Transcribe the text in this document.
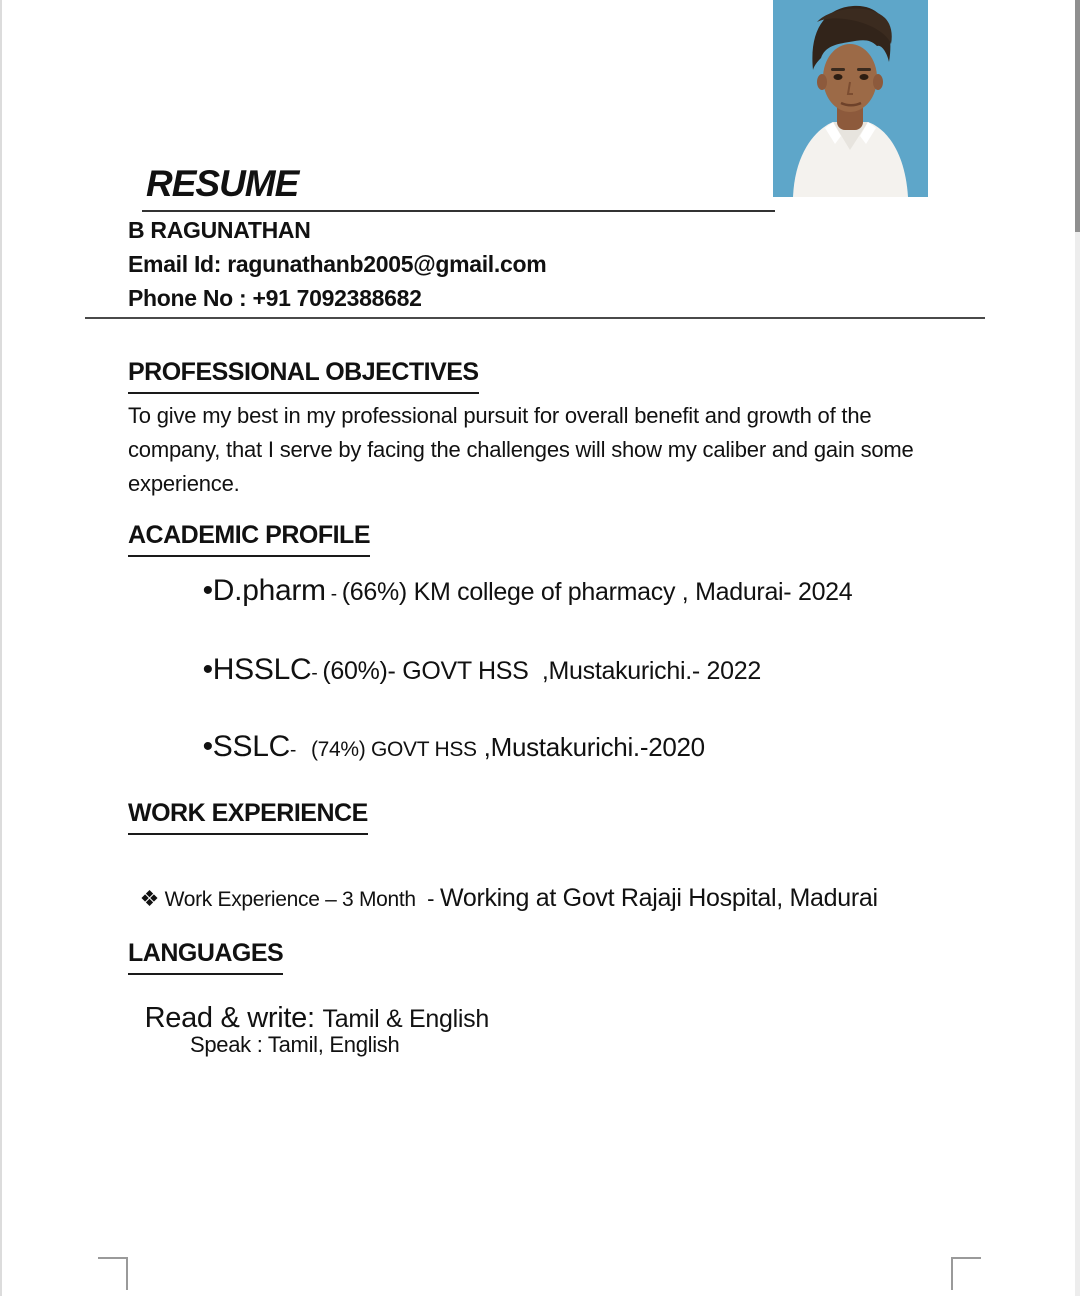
RESUME
B RAGUNATHAN
Email Id: ragunathanb2005@gmail.com
Phone No : +91 7092388682
PROFESSIONAL OBJECTIVES
To give my best in my professional pursuit for overall benefit and growth of the company, that I serve by facing the challenges will show my caliber and gain some experience.
ACADEMIC PROFILE

•D.pharm - (66%) KM college of pharmacy , Madurai- 2024

•HSSLC- (60%)- GOVT HSS  ,Mustakurichi.- 2022

•SSLC-   (74%) GOVT HSS ,Mustakurichi.-2020

WORK EXPERIENCE

❖ Work Experience – 3 Month  - Working at Govt Rajaji Hospital, Madurai

LANGUAGES

Read & write: Tamil & English

Speak : Tamil, English
